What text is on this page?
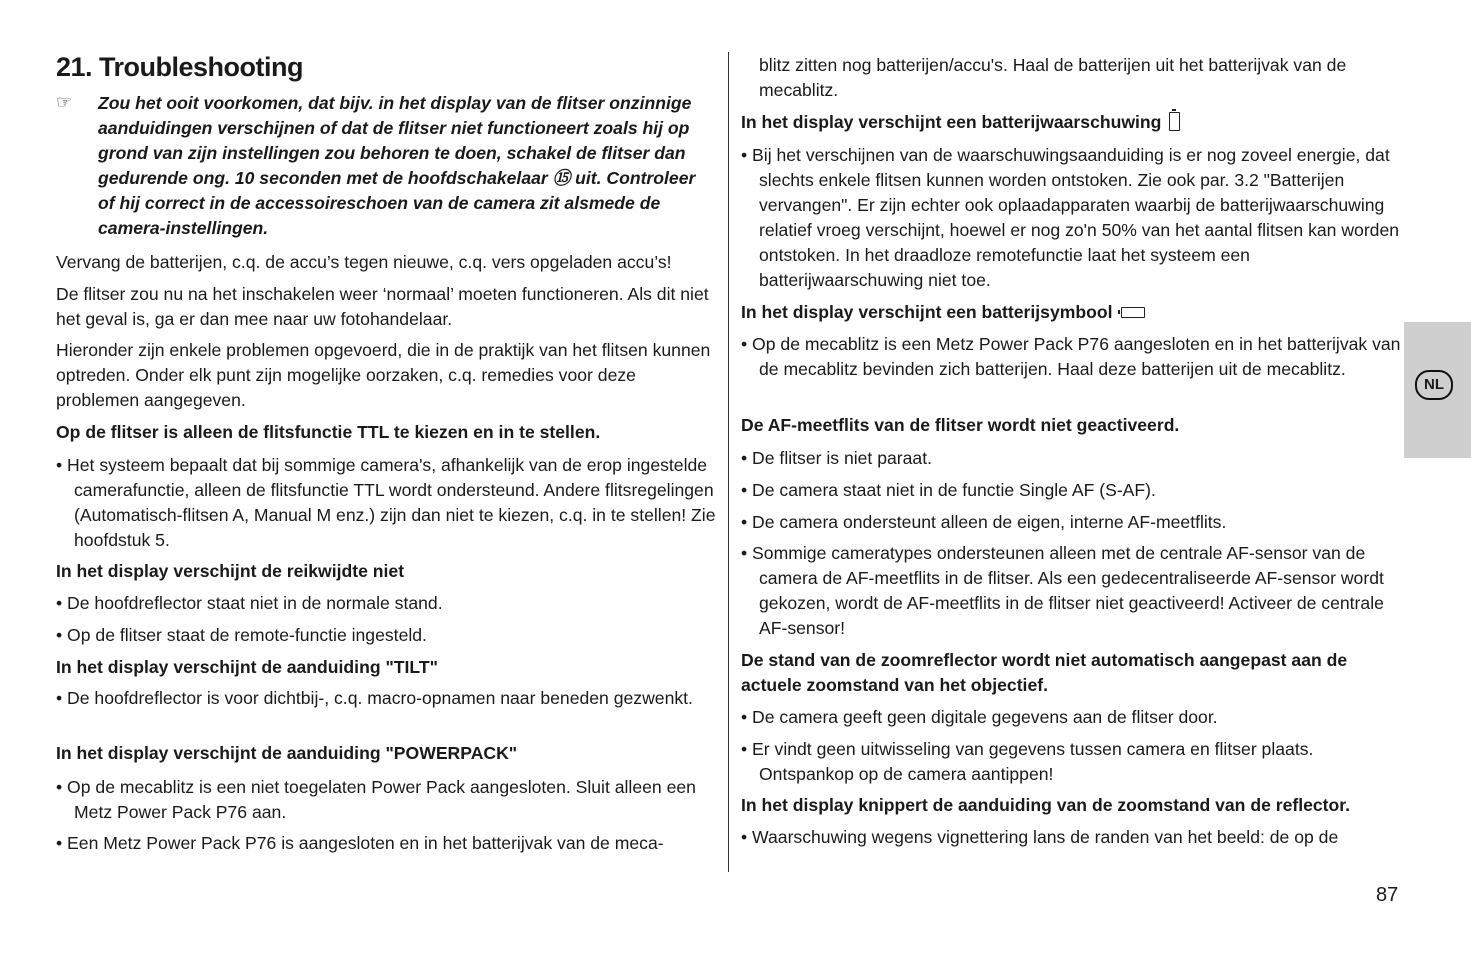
21. Troubleshooting
☞	Zou het ooit voorkomen, dat bijv. in het display van de flitser onzinnige aanduidingen verschijnen of dat de flitser niet functioneert zoals hij op grond van zijn instellingen zou behoren te doen, schakel de flitser dan gedurende ong. 10 seconden met de hoofdschakelaar ⑮ uit. Controleer of hij correct in de accessoireschoen van de camera zit alsmede de camera-instellingen.

Vervang de batterijen, c.q. de accu’s tegen nieuwe, c.q. vers opgeladen accu’s!

De flitser zou nu na het inschakelen weer ‘normaal’ moeten functioneren. Als dit niet het geval is, ga er dan mee naar uw fotohandelaar.

Hieronder zijn enkele problemen opgevoerd, die in de praktijk van het flitsen kunnen optreden. Onder elk punt zijn mogelijke oorzaken, c.q. remedies voor deze problemen aangegeven.

Op de flitser is alleen de flitsfunctie TTL te kiezen en in te stellen.

• Het systeem bepaalt dat bij sommige camera's, afhankelijk van de erop ingestelde camerafunctie, alleen de flitsfunctie TTL wordt ondersteund. Andere flitsregelingen (Automatisch-flitsen A, Manual M enz.) zijn dan niet te kiezen, c.q. in te stellen! Zie hoofdstuk 5.

In het display verschijnt de reikwijdte niet

• De hoofdreflector staat niet in de normale stand.

• Op de flitser staat de remote-functie ingesteld.

In het display verschijnt de aanduiding "TILT"

• De hoofdreflector is voor dichtbij-, c.q. macro-opnamen naar beneden gezwenkt.

In het display verschijnt de aanduiding "POWERPACK"

• Op de mecablitz is een niet toegelaten Power Pack aangesloten. Sluit alleen een Metz Power Pack P76 aan.

• Een Metz Power Pack P76 is aangesloten en in het batterijvak van de meca-

blitz zitten nog batterijen/accu's. Haal de batterijen uit het batterijvak van de mecablitz.

In het display verschijnt een batterijwaarschuwing

• Bij het verschijnen van de waarschuwingsaanduiding is er nog zoveel energie, dat slechts enkele flitsen kunnen worden ontstoken. Zie ook par. 3.2 "Batterijen vervangen". Er zijn echter ook oplaadapparaten waarbij de batterijwaarschuwing relatief vroeg verschijnt, hoewel er nog zo'n 50% van het aantal flitsen kan worden ontstoken. In het draadloze remotefunctie laat het systeem een batterijwaarschuwing niet toe.

In het display verschijnt een batterijsymbool

• Op de mecablitz is een Metz Power Pack P76 aangesloten en in het batterijvak van de mecablitz bevinden zich batterijen. Haal deze batterijen uit de mecablitz.

De AF-meetflits van de flitser wordt niet geactiveerd.

• De flitser is niet paraat.

• De camera staat niet in de functie Single AF (S-AF).

• De camera ondersteunt alleen de eigen, interne AF-meetflits.

• Sommige cameratypes ondersteunen alleen met de centrale AF-sensor van de camera de AF-meetflits in de flitser. Als een gedecentraliseerde AF-sensor wordt gekozen, wordt de AF-meetflits in de flitser niet geactiveerd! Activeer de centrale AF-sensor!

De stand van de zoomreflector wordt niet automatisch aangepast aan de actuele zoomstand van het objectief.

• De camera geeft geen digitale gegevens aan de flitser door.

• Er vindt geen uitwisseling van gegevens tussen camera en flitser plaats. Ontspankop op de camera aantippen!

In het display knippert de aanduiding van de zoomstand van de reflector.

• Waarschuwing wegens vignettering lans de randen van het beeld: de op de

NL
87
